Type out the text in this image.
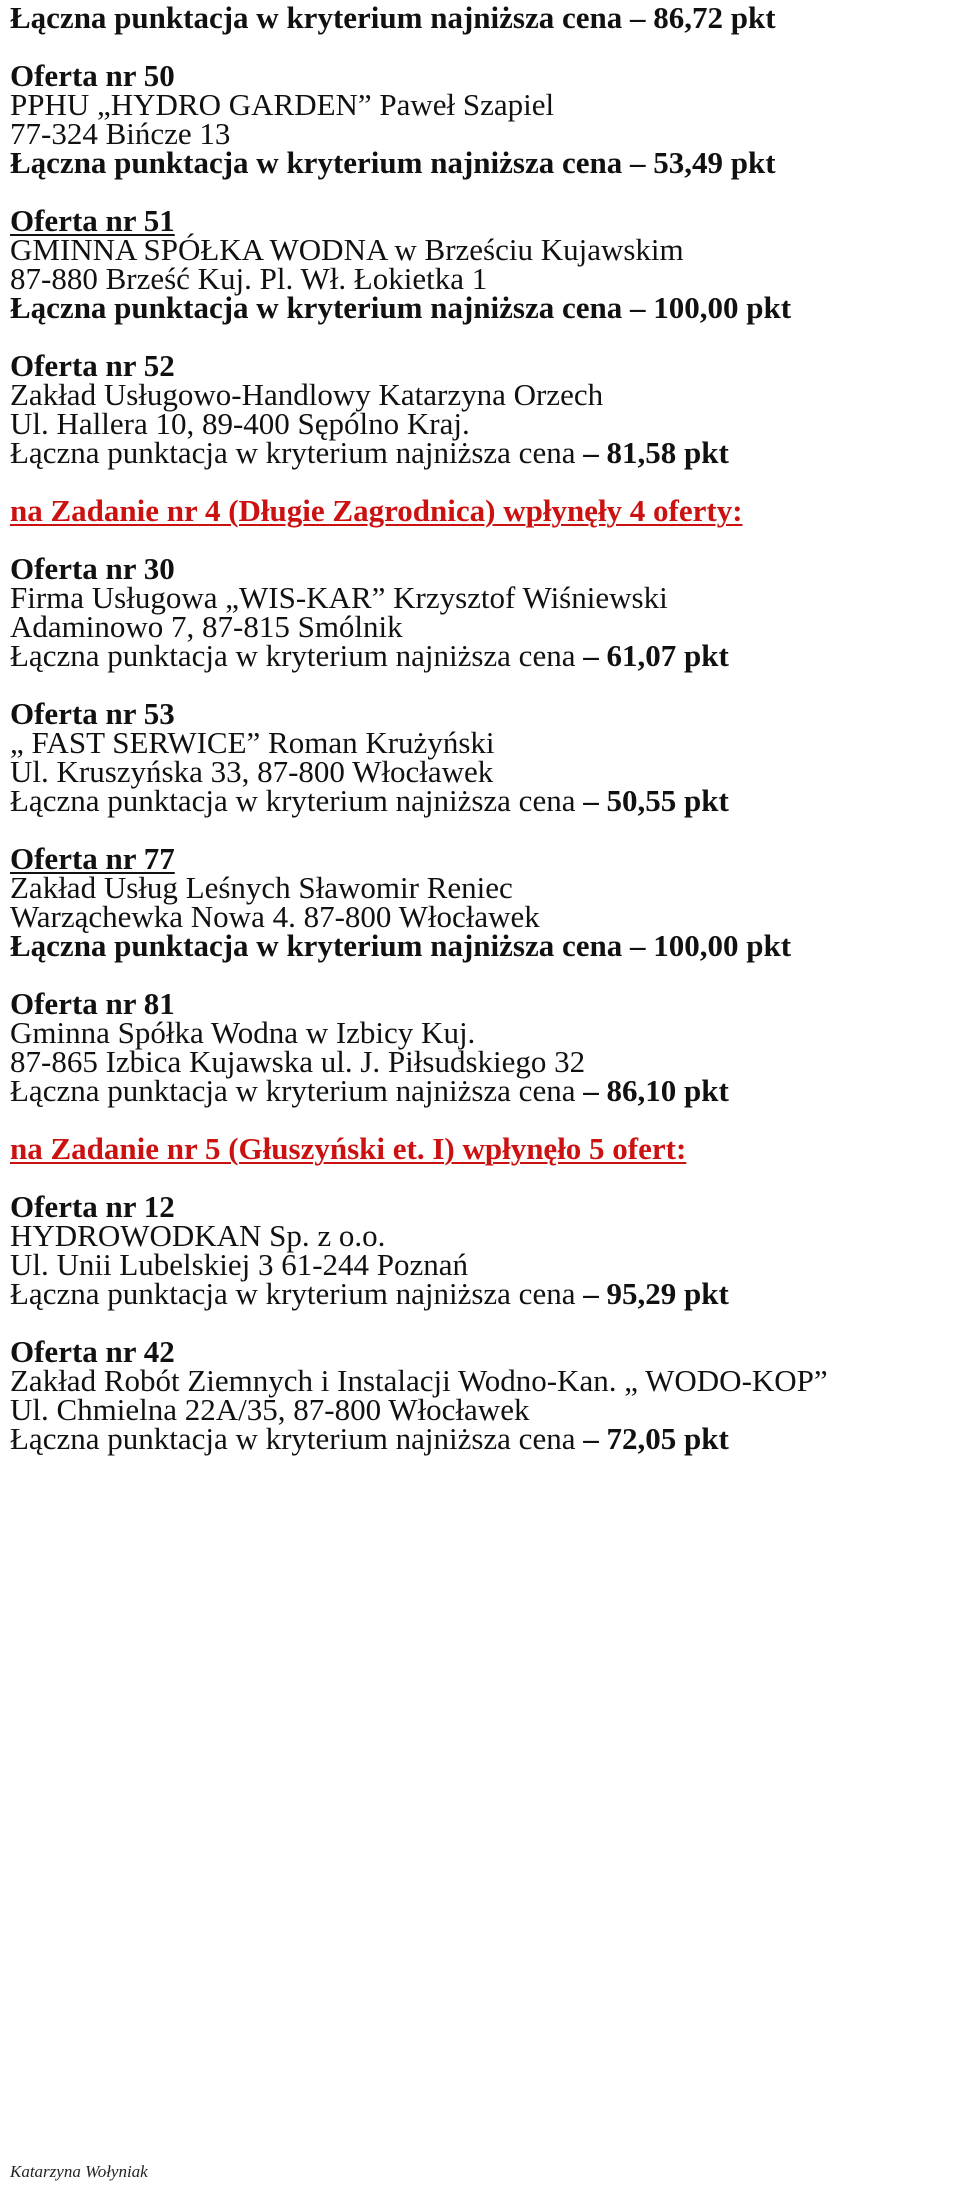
Łączna punktacja w kryterium najniższa cena – 86,72 pkt

Oferta nr 50

PPHU „HYDRO GARDEN” Paweł Szapiel

77-324 Bińcze 13

Łączna punktacja w kryterium najniższa cena – 53,49 pkt

Oferta nr 51

GMINNA SPÓŁKA WODNA w Brześciu Kujawskim

87-880 Brześć Kuj. Pl. Wł. Łokietka 1

Łączna punktacja w kryterium najniższa cena – 100,00 pkt

Oferta nr 52

Zakład Usługowo-Handlowy Katarzyna Orzech

Ul. Hallera 10, 89-400 Sępólno Kraj.

Łączna punktacja w kryterium najniższa cena – 81,58 pkt

na Zadanie nr 4 (Długie Zagrodnica) wpłynęły 4 oferty:

Oferta nr 30

Firma Usługowa „WIS-KAR” Krzysztof Wiśniewski

Adaminowo 7, 87-815 Smólnik

Łączna punktacja w kryterium najniższa cena – 61,07 pkt

Oferta nr 53

„ FAST SERWICE” Roman Krużyński

Ul. Kruszyńska 33, 87-800 Włocławek

Łączna punktacja w kryterium najniższa cena – 50,55 pkt

Oferta nr 77

Zakład Usług Leśnych Sławomir Reniec

Warząchewka Nowa 4. 87-800 Włocławek

Łączna punktacja w kryterium najniższa cena – 100,00 pkt

Oferta nr 81

Gminna Spółka Wodna w Izbicy Kuj.

87-865 Izbica Kujawska ul. J. Piłsudskiego 32

Łączna punktacja w kryterium najniższa cena – 86,10 pkt

na Zadanie nr 5 (Głuszyński et. I) wpłynęło 5 ofert:

Oferta nr 12

HYDROWODKAN Sp. z o.o.

Ul. Unii Lubelskiej 3 61-244 Poznań

Łączna punktacja w kryterium najniższa cena – 95,29 pkt

Oferta nr 42

Zakład Robót Ziemnych i Instalacji Wodno-Kan. „ WODO-KOP”

Ul. Chmielna 22A/35, 87-800 Włocławek

Łączna punktacja w kryterium najniższa cena – 72,05 pkt

Katarzyna Wołyniak
